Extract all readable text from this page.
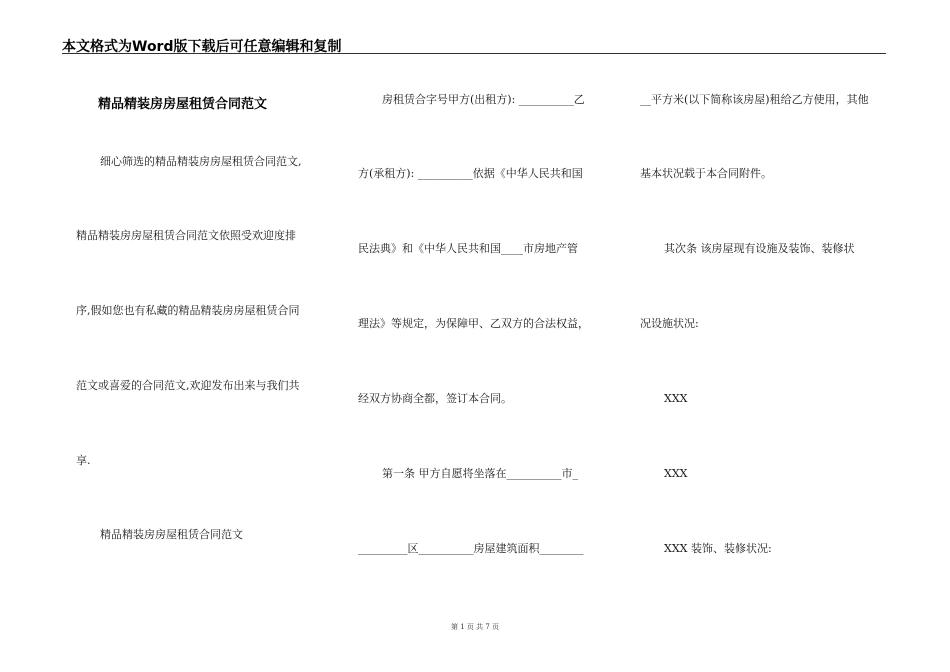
本文格式为Word版下载后可任意编辑和复制
精品精装房房屋租赁合同范文
细心筛选的精品精装房房屋租赁合同范文,
精品精装房房屋租赁合同范文依照受欢迎度排
序,假如您也有私藏的精品精装房房屋租赁合同
范文或喜爱的合同范文,欢迎发布出来与我们共
享.
精品精装房房屋租赁合同范文
房租赁合字号甲方(出租方): __________乙
方(承租方): __________依据《中华人民共和国
民法典》和《中华人民共和国____市房地产管
理法》等规定，为保障甲、乙双方的合法权益，
经双方协商全都，签订本合同。
第一条 甲方自愿将坐落在__________市_
_________区__________房屋建筑面积________
__平方米(以下简称该房屋)租给乙方使用，其他
基本状况载于本合同附件。
其次条 该房屋现有设施及装饰、装修状
况设施状况:
XXX
XXX
XXX 装饰、装修状况:
第 1 页 共 7 页
